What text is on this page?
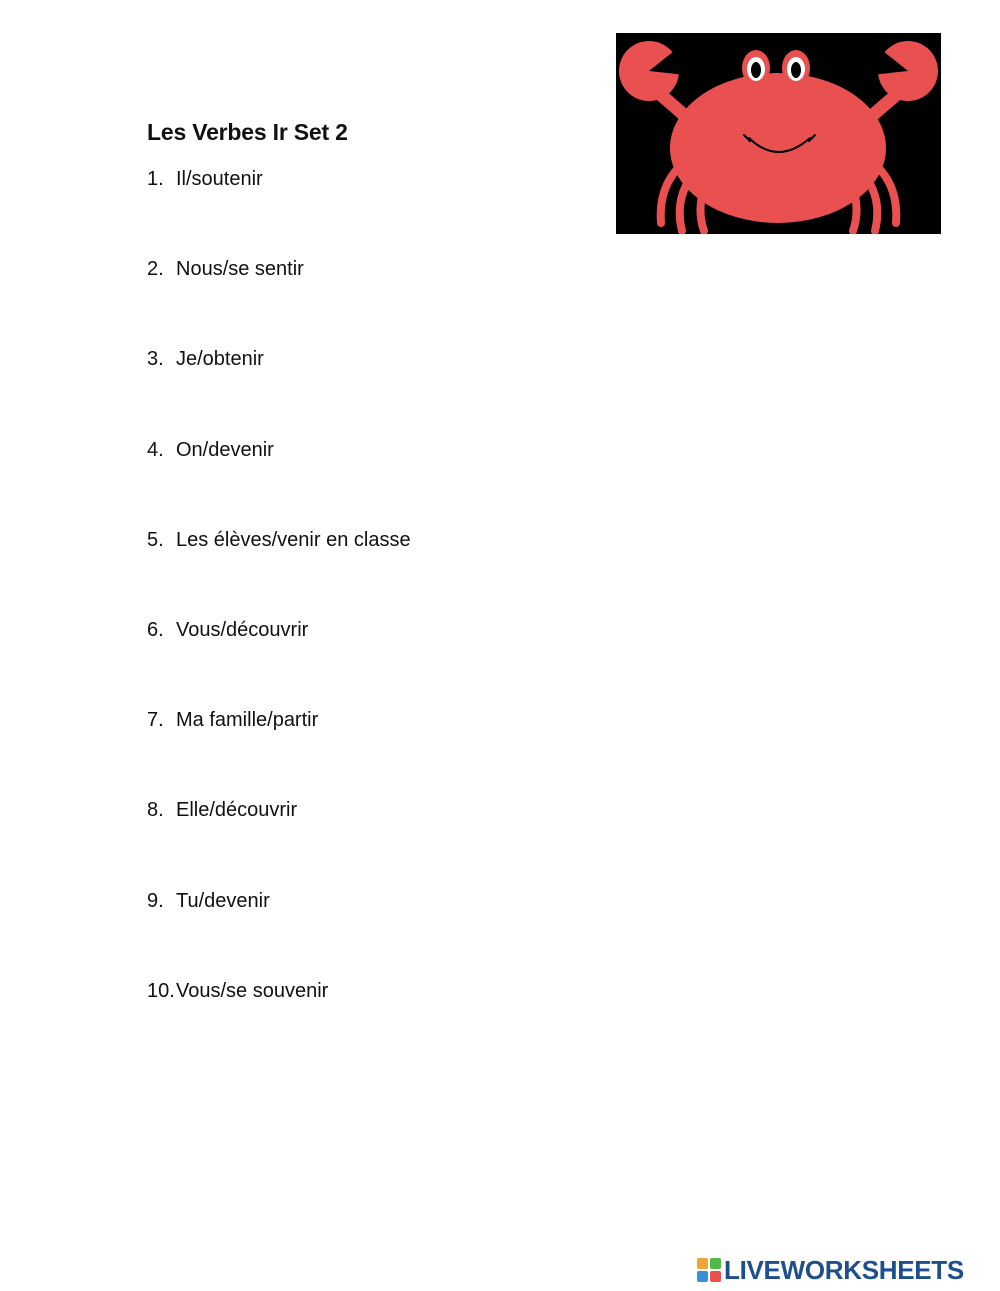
Les Verbes Ir Set 2
1. Il/soutenir
2. Nous/se sentir
3. Je/obtenir
4. On/devenir
5. Les élèves/venir en classe
6. Vous/découvrir
7. Ma famille/partir
8. Elle/découvrir
9. Tu/devenir
10.Vous/se souvenir
LIVEWORKSHEETS
